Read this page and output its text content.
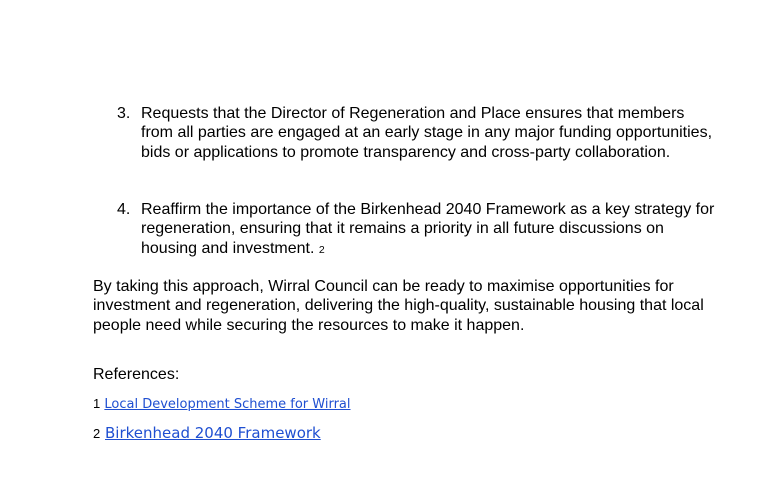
3. Requests that the Director of Regeneration and Place ensures that members from all parties are engaged at an early stage in any major funding opportunities, bids or applications to promote transparency and cross-party collaboration.
4. Reaffirm the importance of the Birkenhead 2040 Framework as a key strategy for regeneration, ensuring that it remains a priority in all future discussions on housing and investment. 2
By taking this approach, Wirral Council can be ready to maximise opportunities for investment and regeneration, delivering the high-quality, sustainable housing that local people need while securing the resources to make it happen.
References:
1 Local Development Scheme for Wirral
2 Birkenhead 2040 Framework
